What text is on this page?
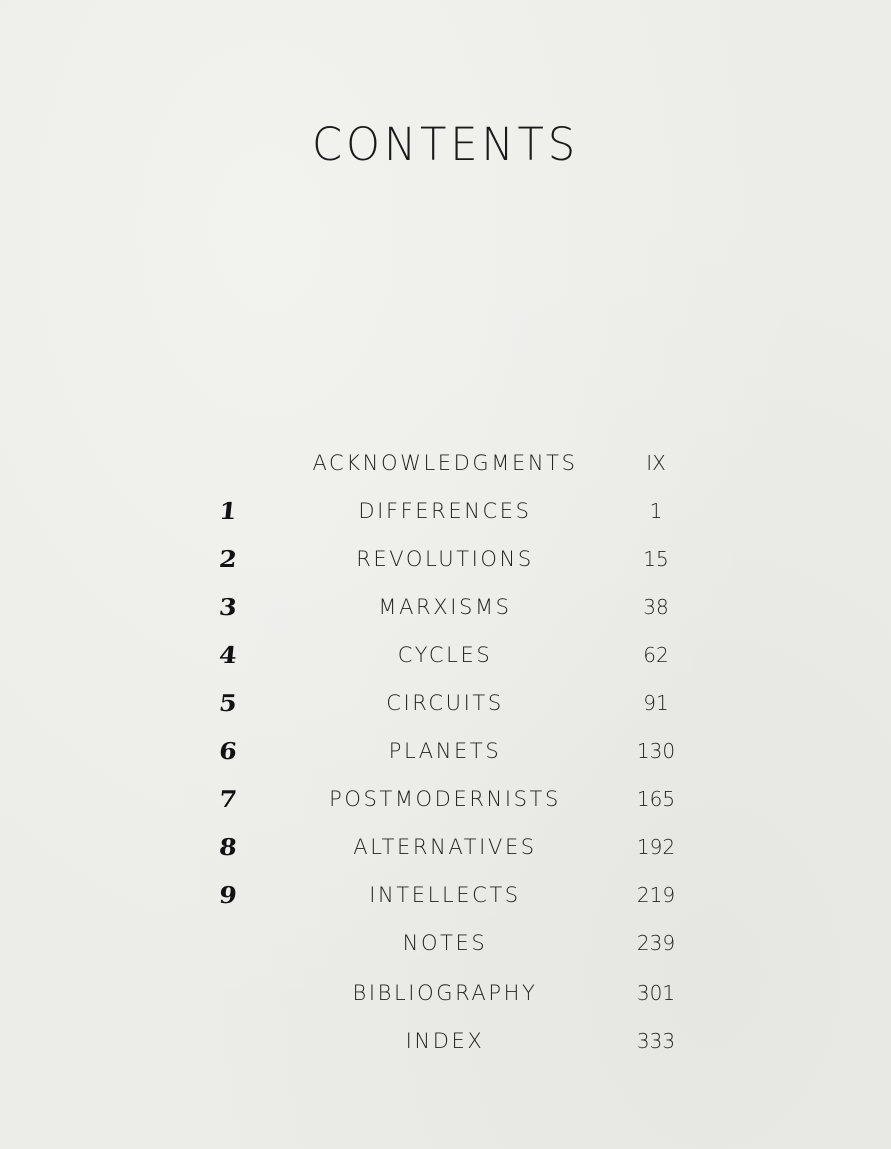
CONTENTS
ACKNOWLEDGMENTS	IX
1	DIFFERENCES	1
2	REVOLUTIONS	15
3	MARXISMS	38
4	CYCLES	62
5	CIRCUITS	91
6	PLANETS	130
7	POSTMODERNISTS	165
8	ALTERNATIVES	192
9	INTELLECTS	219
NOTES	239
BIBLIOGRAPHY	301
INDEX	333
